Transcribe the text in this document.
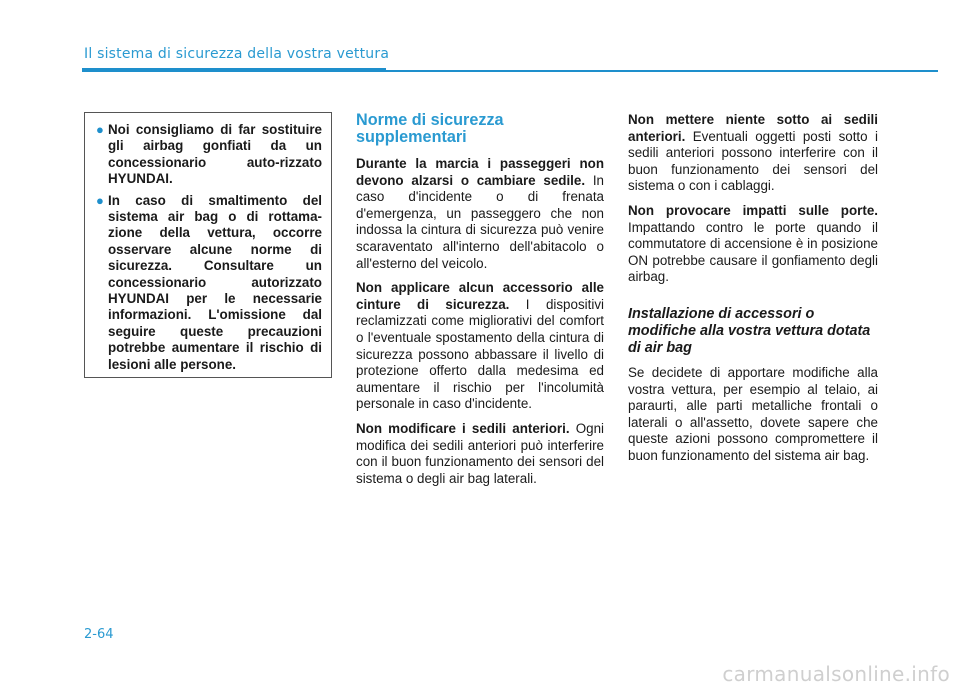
Il sistema di sicurezza della vostra vettura
● Noi consigliamo di far sostituire gli airbag gonfiati da un concessionario auto-rizzato HYUNDAI.
● In caso di smaltimento del sistema air bag o di rottama-zione della vettura, occorre osservare alcune norme di sicurezza. Consultare un concessionario autorizzato HYUNDAI per le necessarie informazioni. L'omissione dal seguire queste precauzioni potrebbe aumentare il rischio di lesioni alle persone.
Norme di sicurezza supplementari

Durante la marcia i passeggeri non devono alzarsi o cambiare sedile. In caso d'incidente o di frenata d'emergenza, un passeggero che non indossa la cintura di sicurezza può venire scaraventato all'interno dell'abitacolo o all'esterno del veicolo.

Non applicare alcun accessorio alle cinture di sicurezza. I dispositivi reclamizzati come migliorativi del comfort o l'eventuale spostamento della cintura di sicurezza possono abbassare il livello di protezione offerto dalla medesima ed aumentare il rischio per l'incolumità personale in caso d'incidente.

Non modificare i sedili anteriori. Ogni modifica dei sedili anteriori può interferire con il buon funzionamento dei sensori del sistema o degli air bag laterali.

Non mettere niente sotto ai sedili anteriori. Eventuali oggetti posti sotto i sedili anteriori possono interferire con il buon funzionamento dei sensori del sistema o con i cablaggi.

Non provocare impatti sulle porte. Impattando contro le porte quando il commutatore di accensione è in posizione ON potrebbe causare il gonfiamento degli airbag.

Installazione di accessori o modifiche alla vostra vettura dotata di air bag

Se decidete di apportare modifiche alla vostra vettura, per esempio al telaio, ai paraurti, alle parti metalliche frontali o laterali o all'assetto, dovete sapere che queste azioni possono compromettere il buon funzionamento del sistema air bag.

2-64
carmanualsonline.info
